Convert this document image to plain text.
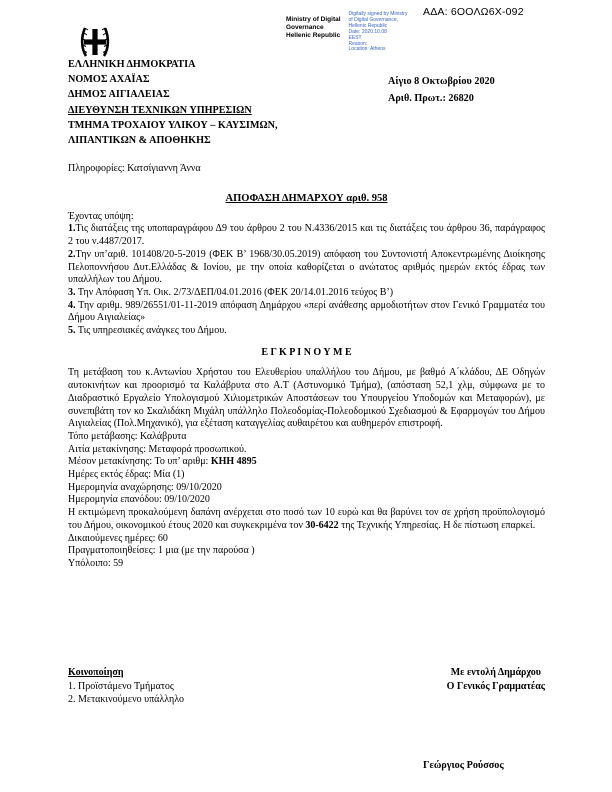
ΑΔΑ: 6ΟΟΛΩ6Χ-092
Ministry of Digital
Governance
Hellenic Republic
Digitally signed by Ministry
of Digital Governance,
Hellenic Republic
Date: 2020.10.08
EEST
Reason:
Location: Athens
ΕΛΛΗΝΙΚΗ ΔΗΜΟΚΡΑΤΙΑ
ΝΟΜΟΣ ΑΧΑΪΑΣ
ΔΗΜΟΣ ΑΙΓΙΑΛΕΙΑΣ
ΔΙΕΥΘΥΝΣΗ ΤΕΧΝΙΚΩΝ ΥΠΗΡΕΣΙΩΝ
ΤΜΗΜΑ ΤΡΟΧΑΙΟΥ ΥΛΙΚΟΥ – ΚΑΥΣΙΜΩΝ,
ΛΙΠΑΝΤΙΚΩΝ & ΑΠΟΘΗΚΗΣ
Αίγιο 8 Οκτωβρίου 2020
Αριθ. Πρωτ.: 26820
Πληροφορίες: Κατσίγιαννη Άννα
ΑΠΟΦΑΣΗ ΔΗΜΑΡΧΟΥ αριθ. 958
Έχοντας υπόψη:

1.Τις διατάξεις της υποπαραγράφου Δ9 του άρθρου 2 του Ν.4336/2015 και τις διατάξεις του άρθρου 36, παράγραφος 2 του ν.4487/2017.

2.Την υπ’αριθ. 101408/20-5-2019 (ΦΕΚ Β’ 1968/30.05.2019) απόφαση του Συντονιστή Αποκεντρωμένης Διοίκησης Πελοποννήσου Δυτ.Ελλάδας & Ιονίου, με την οποία καθορίζεται ο ανώτατος αριθμός ημερών εκτός έδρας των υπαλλήλων του Δήμου.

3. Την Απόφαση Υπ. Οικ. 2/73/ΔΕΠ/04.01.2016 (ΦΕΚ 20/14.01.2016 τεύχος Β’)

4. Την αριθμ. 989/26551/01-11-2019 απόφαση Δημάρχου «περί ανάθεσης αρμοδιοτήτων στον Γενικό Γραμματέα του Δήμου Αιγιαλείας»

5. Τις υπηρεσιακές ανάγκες του Δήμου.

Ε Γ Κ Ρ Ι Ν Ο Υ Μ Ε

Τη μετάβαση του κ.Αντωνίου Χρήστου του Ελευθερίου υπαλλήλου του Δήμου, με βαθμό Α΄κλάδου, ΔΕ Οδηγών αυτοκινήτων και προορισμό τα Καλάβρυτα στο Α.Τ (Αστυνομικό Τμήμα), (απόσταση 52,1 χλμ, σύμφωνα με το Διαδραστικό Εργαλείο Υπολογισμού Χιλιομετρικών Αποστάσεων του Υπουργείου Υποδομών και Μεταφορών), με συνεπιβάτη τον κο Σκαλιδάκη Μιχάλη υπάλληλο Πολεοδομίας-Πολεοδομικού Σχεδιασμού & Εφαρμογών του Δήμου Αιγιαλείας (Πολ.Μηχανικό), για εξέταση καταγγελίας αυθαιρέτου και αυθημερόν επιστροφή.

Τόπο μετάβασης: Καλάβρυτα
Αιτία μετακίνησης: Μεταφορά προσωπικού.
Μέσον μετακίνησης: Το υπ’ αριθμ: ΚΗΗ 4895
Ημέρες εκτός έδρας: Μία (1)
Ημερομηνία αναχώρησης: 09/10/2020
Ημερομηνία επανόδου: 09/10/2020

Η εκτιμώμενη προκαλούμενη δαπάνη ανέρχεται στο ποσό των 10 ευρώ και θα βαρύνει τον σε χρήση προϋπολογισμό του Δήμου, οικονομικού έτους 2020 και συγκεκριμένα τον 30-6422 της Τεχνικής Υπηρεσίας. Η δε πίστωση επαρκεί.

Δικαιούμενες ημέρες: 60
Πραγματοποιηθείσες: 1 μια (με την παρούσα )
Υπόλοιπο: 59
Κοινοποίηση
1. Προϊστάμενο Τμήματος
2. Μετακινούμενο υπάλληλο
Με εντολή Δημάρχου
Ο Γενικός Γραμματέας
Γεώργιος Ρούσσος
